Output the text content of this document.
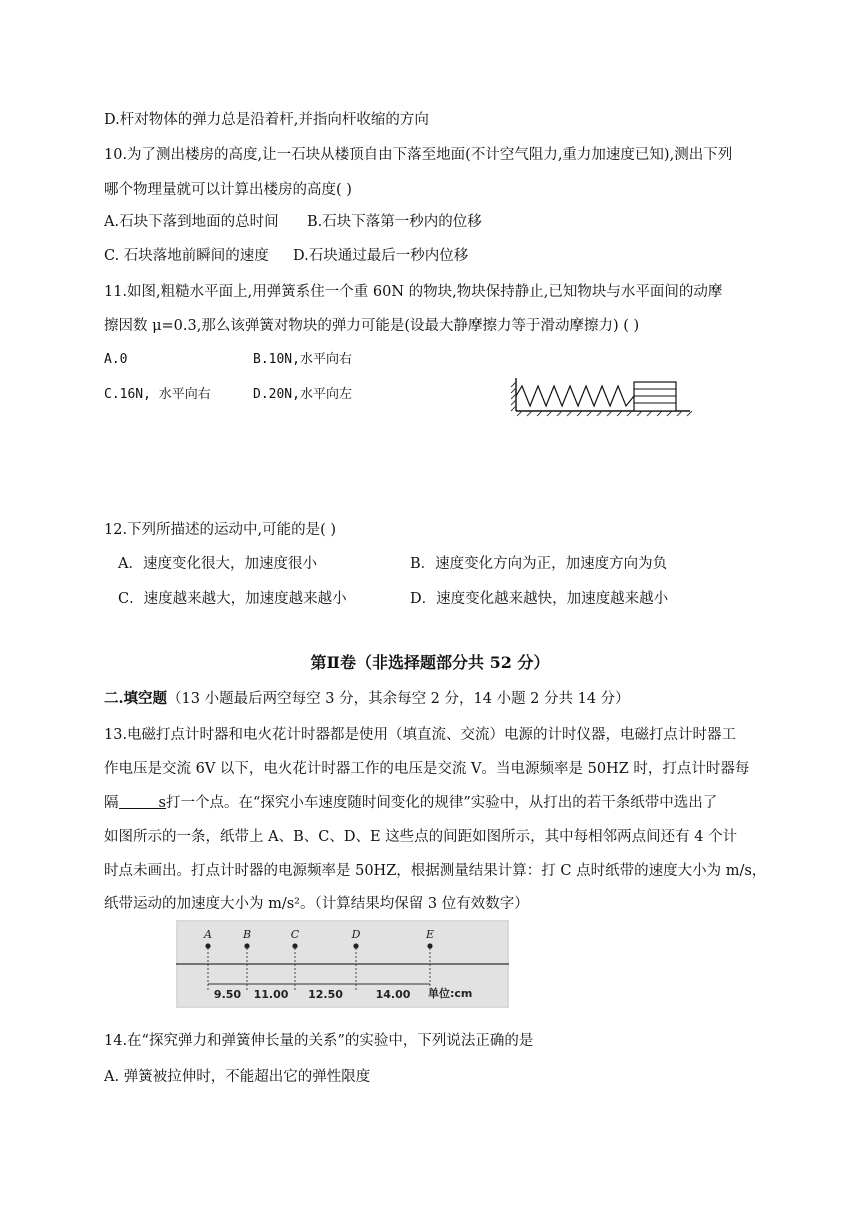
D.杆对物体的弹力总是沿着杆,并指向杆收缩的方向
10.为了测出楼房的高度,让一石块从楼顶自由下落至地面(不计空气阻力,重力加速度已知),测出下列
哪个物理量就可以计算出楼房的高度( )
A.石块下落到地面的总时间 B.石块下落第一秒内的位移
C. 石块落地前瞬间的速度 D.石块通过最后一秒内位移
11.如图,粗糙水平面上,用弹簧系住一个重 60N 的物块,物块保持静止,已知物块与水平面间的动摩
擦因数 μ=0.3,那么该弹簧对物块的弹力可能是(设最大静摩擦力等于滑动摩擦力) ( )
A.0	B.10N,水平向右
C.16N, 水平向右	D.20N,水平向左
12.下列所描述的运动中,可能的是( )
A．速度变化很大，加速度很小	B．速度变化方向为正，加速度方向为负
C．速度越来越大，加速度越来越小	D．速度变化越来越快，加速度越来越小
第Ⅱ卷（非选择题部分共 52 分）
二.填空题（13 小题最后两空每空 3 分，其余每空 2 分，14 小题 2 分共 14 分）
13.电磁打点计时器和电火花计时器都是使用（填直流、交流）电源的计时仪器，电磁打点计时器工
作电压是交流 6V 以下，电火花计时器工作的电压是交流 V。当电源频率是 50HZ 时，打点计时器每
隔	s打一个点。在“探究小车速度随时间变化的规律”实验中，从打出的若干条纸带中选出了
如图所示的一条，纸带上 A、B、C、D、E 这些点的间距如图所示，其中每相邻两点间还有 4 个计
时点未画出。打点计时器的电源频率是 50HZ，根据测量结果计算：打 C 点时纸带的速度大小为 m/s，
纸带运动的加速度大小为 m/s²。（计算结果均保留 3 位有效数字）
A	B	C	D	E
9.50 11.00 12.50	14.00 单位:cm
14.在“探究弹力和弹簧伸长量的关系”的实验中，下列说法正确的是
A. 弹簧被拉伸时，不能超出它的弹性限度
